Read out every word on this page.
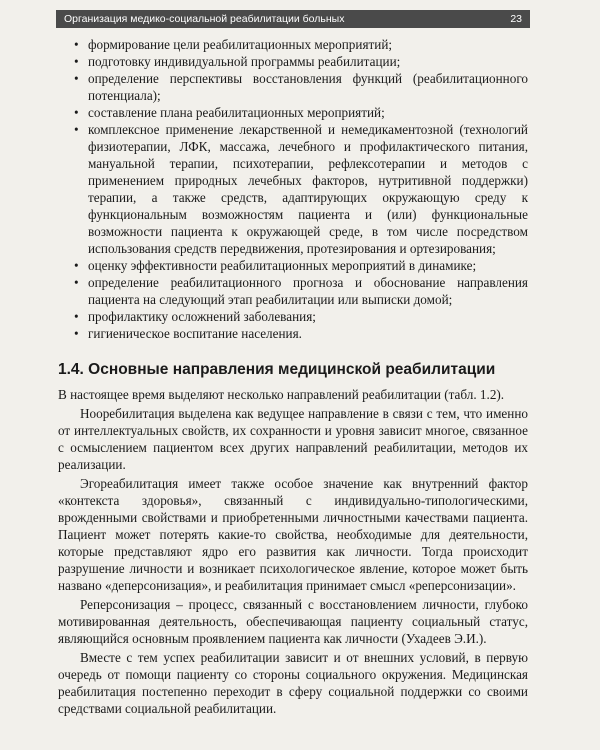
Организация медико-социальной реабилитации больных	23
• формирование цели реабилитационных мероприятий;
• подготовку индивидуальной программы реабилитации;
• определение перспективы восстановления функций (реабилитационного потенциала);
• составление плана реабилитационных мероприятий;
• комплексное применение лекарственной и немедикаментозной (технологий физиотерапии, ЛФК, массажа, лечебного и профилактического питания, мануальной терапии, психотерапии, рефлексотерапии и методов с применением природных лечебных факторов, нутритивной поддержки) терапии, а также средств, адаптирующих окружающую среду к функциональным возможностям пациента и (или) функциональные возможности пациента к окружающей среде, в том числе посредством использования средств передвижения, протезирования и ортезирования;
• оценку эффективности реабилитационных мероприятий в динамике;
• определение реабилитационного прогноза и обоснование направления пациента на следующий этап реабилитации или выписки домой;
• профилактику осложнений заболевания;
• гигиеническое воспитание населения.
1.4. Основные направления медицинской реабилитации

В настоящее время выделяют несколько направлений реабилитации (табл. 1.2).

Нооребилитация выделена как ведущее направление в связи с тем, что именно от интеллектуальных свойств, их сохранности и уровня зависит многое, связанное с осмыслением пациентом всех других направлений реабилитации, методов их реализации.

Эгореабилитация имеет также особое значение как внутренний фактор «контекста здоровья», связанный с индивидуально-типологическими, врожденными свойствами и приобретенными личностными качествами пациента. Пациент может потерять какие-то свойства, необходимые для деятельности, которые представляют ядро его развития как личности. Тогда происходит разрушение личности и возникает психологическое явление, которое может быть названо «деперсонизация», и реабилитация принимает смысл «реперсонизации».

Реперсонизация – процесс, связанный с восстановлением личности, глубоко мотивированная деятельность, обеспечивающая пациенту социальный статус, являющийся основным проявлением пациента как личности (Ухадеев Э.И.).

Вместе с тем успех реабилитации зависит и от внешних условий, в первую очередь от помощи пациенту со стороны социального окружения. Медицинская реабилитация постепенно переходит в сферу социальной поддержки со своими средствами социальной реабилитации.
